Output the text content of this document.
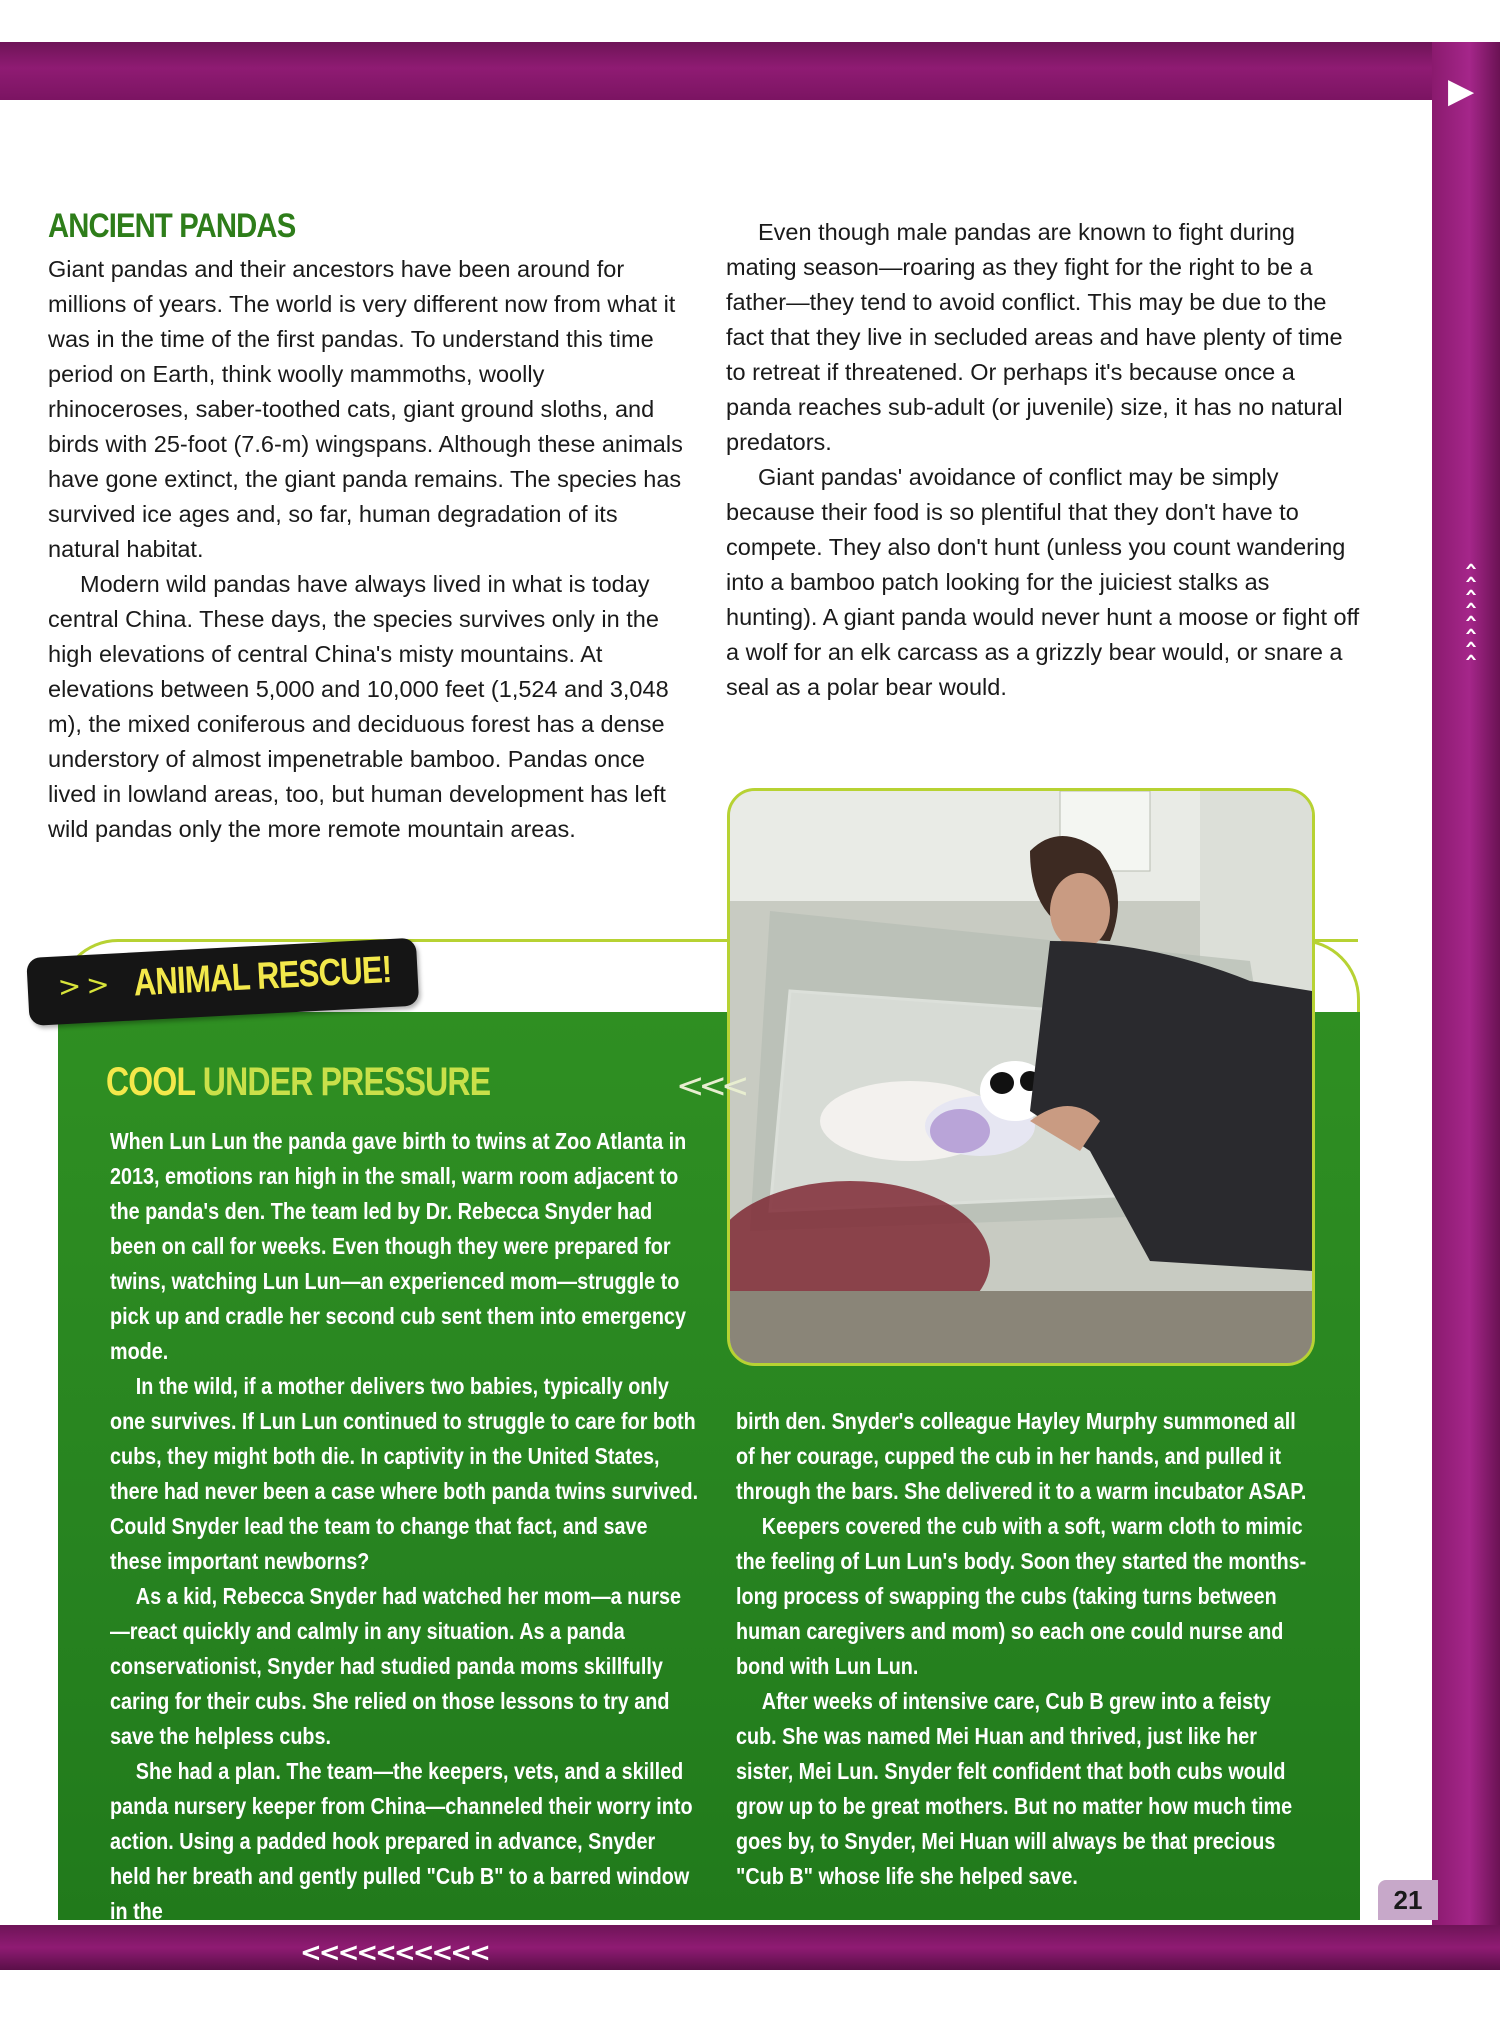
▶
‹
‹
‹
‹
‹
‹
‹
‹
<<<<<<<<<<
ANCIENT PANDAS

Giant pandas and their ancestors have been around for millions of years. The world is very different now from what it was in the time of the first pandas. To understand this time period on Earth, think woolly mammoths, woolly rhinoceroses, saber-toothed cats, giant ground sloths, and birds with 25-foot (7.6-m) wingspans. Although these animals have gone extinct, the giant panda remains. The species has survived ice ages and, so far, human degradation of its natural habitat.

Modern wild pandas have always lived in what is today central China. These days, the species survives only in the high elevations of central China's misty mountains. At elevations between 5,000 and 10,000 feet (1,524 and 3,048 m), the mixed coniferous and deciduous forest has a dense understory of almost impenetrable bamboo. Pandas once lived in lowland areas, too, but human development has left wild pandas only the more remote mountain areas.

Even though male pandas are known to fight during mating season—roaring as they fight for the right to be a father—they tend to avoid conflict. This may be due to the fact that they live in secluded areas and have plenty of time to retreat if threatened. Or perhaps it's because once a panda reaches sub-adult (or juvenile) size, it has no natural predators.

Giant pandas' avoidance of conflict may be simply because their food is so plentiful that they don't have to compete. They also don't hunt (unless you count wandering into a bamboo patch looking for the juiciest stalks as hunting). A giant panda would never hunt a moose or fight off a wolf for an elk carcass as a grizzly bear would, or snare a seal as a polar bear would.

> > ANIMAL RESCUE!
COOL UNDER PRESSURE	<<<

When Lun Lun the panda gave birth to twins at Zoo Atlanta in 2013, emotions ran high in the small, warm room adjacent to the panda's den. The team led by Dr. Rebecca Snyder had been on call for weeks. Even though they were prepared for twins, watching Lun Lun—an experienced mom—struggle to pick up and cradle her second cub sent them into emergency mode.

In the wild, if a mother delivers two babies, typically only one survives. If Lun Lun continued to struggle to care for both cubs, they might both die. In captivity in the United States, there had never been a case where both panda twins survived. Could Snyder lead the team to change that fact, and save these important newborns?

As a kid, Rebecca Snyder had watched her mom—a nurse—react quickly and calmly in any situation. As a panda conservationist, Snyder had studied panda moms skillfully caring for their cubs. She relied on those lessons to try and save the helpless cubs.

She had a plan. The team—the keepers, vets, and a skilled panda nursery keeper from China—channeled their worry into action. Using a padded hook prepared in advance, Snyder held her breath and gently pulled "Cub B" to a barred window in the

birth den. Snyder's colleague Hayley Murphy summoned all of her courage, cupped the cub in her hands, and pulled it through the bars. She delivered it to a warm incubator ASAP.

Keepers covered the cub with a soft, warm cloth to mimic the feeling of Lun Lun's body. Soon they started the months-long process of swapping the cubs (taking turns between human caregivers and mom) so each one could nurse and bond with Lun Lun.

After weeks of intensive care, Cub B grew into a feisty cub. She was named Mei Huan and thrived, just like her sister, Mei Lun. Snyder felt confident that both cubs would grow up to be great mothers. But no matter how much time goes by, to Snyder, Mei Huan will always be that precious "Cub B" whose life she helped save.

21
